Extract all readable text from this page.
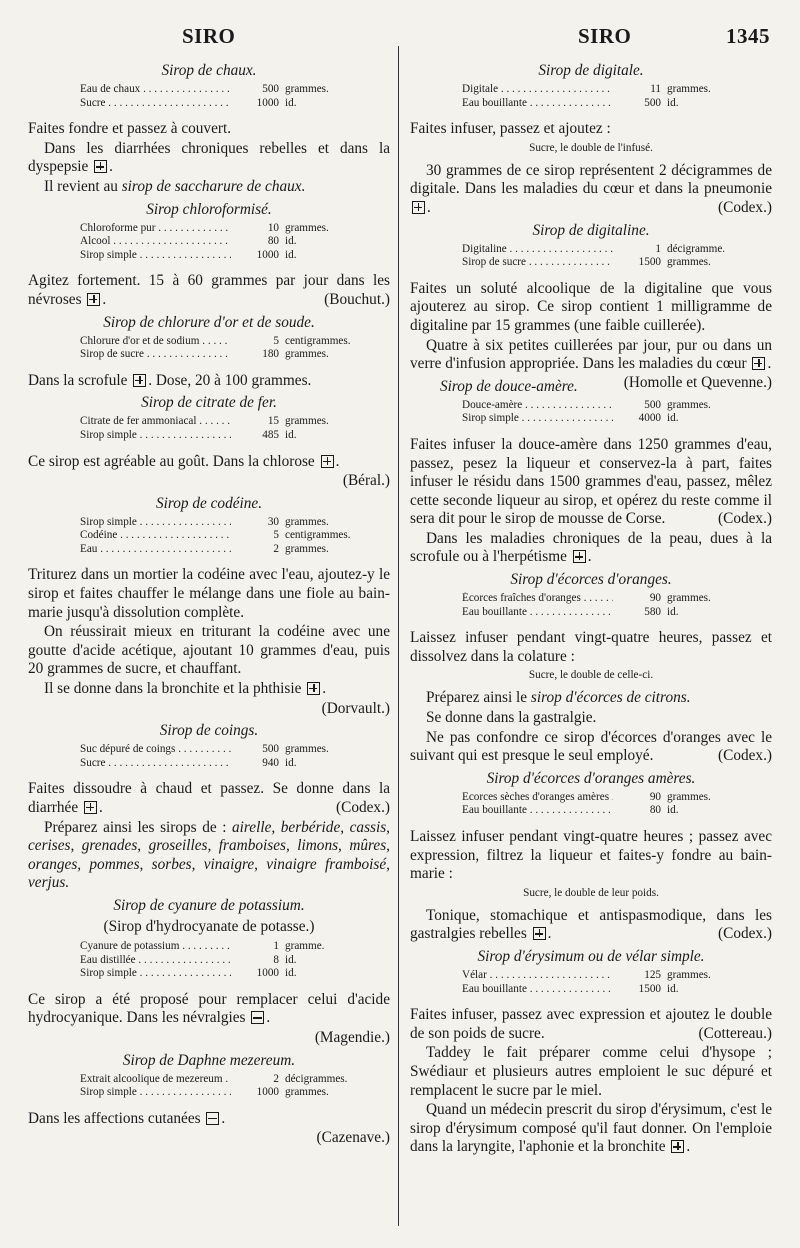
SIRO	SIRO	1345
Sirop de chaux.
Eau de chaux . . .	500 grammes.
Sucre . . .	1000 id.

Faites fondre et passez à couvert.

Dans les diarrhées chroniques rebelles et dans la dyspepsie .

Il revient au sirop de saccharure de chaux.

Sirop chloroformisé.
Chloroforme pur . . .	10 grammes.
Alcool . . .	80 id.
Sirop simple . . .	1000 id.

Agitez fortement. 15 à 60 grammes par jour dans les névroses .	(Bouchut.)

Sirop de chlorure d'or et de soude.
Chlorure d'or et de sodium . . .	5 centigrammes.
Sirop de sucre . . .	180 grammes.

Dans la scrofule . Dose, 20 à 100 grammes.

Sirop de citrate de fer.
Citrate de fer ammoniacal . . .	15 grammes.
Sirop simple . . .	485 id.

Ce sirop est agréable au goût. Dans la chlorose .

(Béral.)

Sirop de codéine.
Sirop simple . . .	30 grammes.
Codéine . . .	5 centigrammes.
Eau . . .	2 grammes.

Triturez dans un mortier la codéine avec l'eau, ajoutez-y le sirop et faites chauffer le mélange dans une fiole au bain-marie jusqu'à dissolution complète.

On réussirait mieux en triturant la codéine avec une goutte d'acide acétique, ajoutant 10 grammes d'eau, puis 20 grammes de sucre, et chauffant.

Il se donne dans la bronchite et la phthisie .

(Dorvault.)

Sirop de coings.
Suc dépuré de coings . . .	500 grammes.
Sucre . . .	940 id.

Faites dissoudre à chaud et passez. Se donne dans la diarrhée .	(Codex.)

Préparez ainsi les sirops de : airelle, berbéride, cassis, cerises, grenades, groseilles, framboises, limons, mûres, oranges, pommes, sorbes, vinaigre, vinaigre framboisé, verjus.

Sirop de cyanure de potassium.
(Sirop d'hydrocyanate de potasse.)
Cyanure de potassium . . .	1 gramme.
Eau distillée . . .	8 id.
Sirop simple . . .	1000 id.

Ce sirop a été proposé pour remplacer celui d'acide hydrocyanique. Dans les névralgies .

(Magendie.)

Sirop de Daphne mezereum.
Extrait alcoolique de mezereum . . .	2 décigrammes.
Sirop simple . . .	1000 grammes.

Dans les affections cutanées .

(Cazenave.)

Sirop de digitale.
Digitale . . .	11 grammes.
Eau bouillante . . .	500 id.

Faites infuser, passez et ajoutez :

Sucre, le double de l'infusé.

30 grammes de ce sirop représentent 2 décigrammes de digitale. Dans les maladies du cœur et dans la pneumonie .	(Codex.)

Sirop de digitaline.
Digitaline . . .	1 décigramme.
Sirop de sucre . . .	1500 grammes.

Faites un soluté alcoolique de la digitaline que vous ajouterez au sirop. Ce sirop contient 1 milligramme de digitaline par 15 grammes (une faible cuillerée).

Quatre à six petites cuillerées par jour, pur ou dans un verre d'infusion appropriée. Dans les maladies du cœur .
(Homolle et Quevenne.)

Sirop de douce-amère.
Douce-amère . . .	500 grammes.
Sirop simple . . .	4000 id.

Faites infuser la douce-amère dans 1250 grammes d'eau, passez, pesez la liqueur et conservez-la à part, faites infuser le résidu dans 1500 grammes d'eau, passez, mêlez cette seconde liqueur au sirop, et opérez du reste comme il sera dit pour le sirop de mousse de Corse.	(Codex.)

Dans les maladies chroniques de la peau, dues à la scrofule ou à l'herpétisme .

Sirop d'écorces d'oranges.
Écorces fraîches d'oranges . . .	90 grammes.
Eau bouillante . . .	580 id.

Laissez infuser pendant vingt-quatre heures, passez et dissolvez dans la colature :

Sucre, le double de celle-ci.

Préparez ainsi le sirop d'écorces de citrons.

Se donne dans la gastralgie.

Ne pas confondre ce sirop d'écorces d'oranges avec le suivant qui est presque le seul employé.	(Codex.)

Sirop d'écorces d'oranges amères.
Ecorces sèches d'oranges amères . . .	90 grammes.
Eau bouillante . . .	80 id.

Laissez infuser pendant vingt-quatre heures ; passez avec expression, filtrez la liqueur et faites-y fondre au bain-marie :

Sucre, le double de leur poids.

Tonique, stomachique et antispasmodique, dans les gastralgies rebelles .	(Codex.)

Sirop d'érysimum ou de vélar simple.
Vélar . . .	125 grammes.
Eau bouillante . . .	1500 id.

Faites infuser, passez avec expression et ajoutez le double de son poids de sucre.	(Cottereau.)

Taddey le fait préparer comme celui d'hysope ; Swédiaur et plusieurs autres emploient le suc dépuré et remplacent le sucre par le miel.

Quand un médecin prescrit du sirop d'érysimum, c'est le sirop d'érysimum composé qu'il faut donner. On l'emploie dans la laryngite, l'aphonie et la bronchite .
